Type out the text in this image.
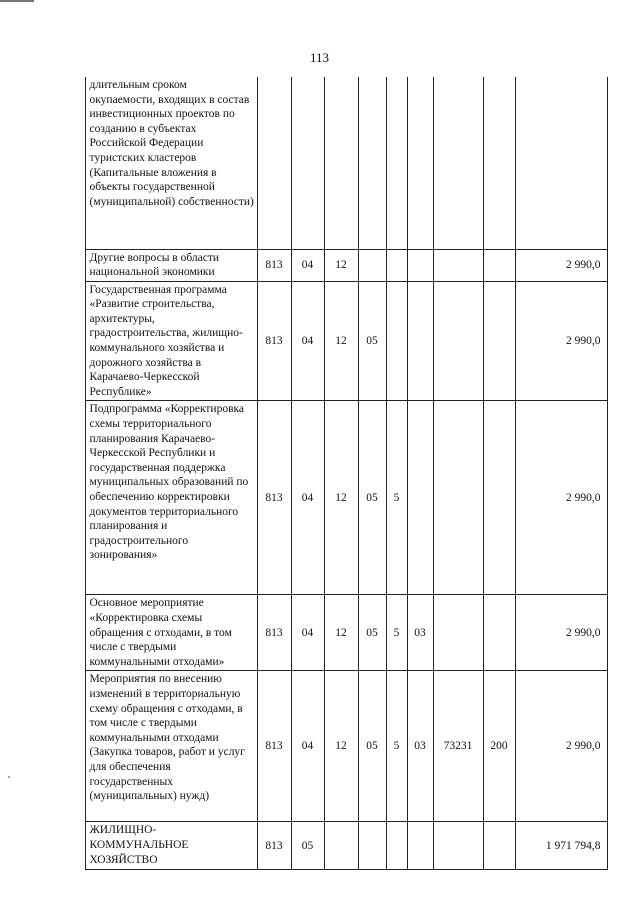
113
	длительным сроком окупаемости, входящих в состав инвестиционных проектов по созданию в субъектах Российской Федерации туристских кластеров (Капитальные вложения в объекты государственной (муниципальной) собственности)									
	Другие вопросы в области национальной экономики	813	04	12						2 990,0
	Государственная программа «Развитие строительства, архитектуры, градостроительства, жилищно-коммунального хозяйства и дорожного хозяйства в Карачаево-Черкесской Республике»	813	04	12	05					2 990,0
	Подпрограмма «Корректировка схемы территориального планирования Карачаево-Черкесской Республики и государственная поддержка муниципальных образований по обеспечению корректировки документов территориального планирования и градостроительного зонирования»	813	04	12	05	5				2 990,0
	Основное мероприятие «Корректировка схемы обращения с отходами, в том числе с твердыми коммунальными отходами»	813	04	12	05	5	03			2 990,0
	Мероприятия по внесению изменений в территориальную схему обращения с отходами, в том числе с твердыми коммунальными отходами (Закупка товаров, работ и услуг для обеспечения государственных (муниципальных) нужд)	813	04	12	05	5	03	73231	200	2 990,0
	ЖИЛИЩНО-КОММУНАЛЬНОЕ ХОЗЯЙСТВО	813	05							1 971 794,8
